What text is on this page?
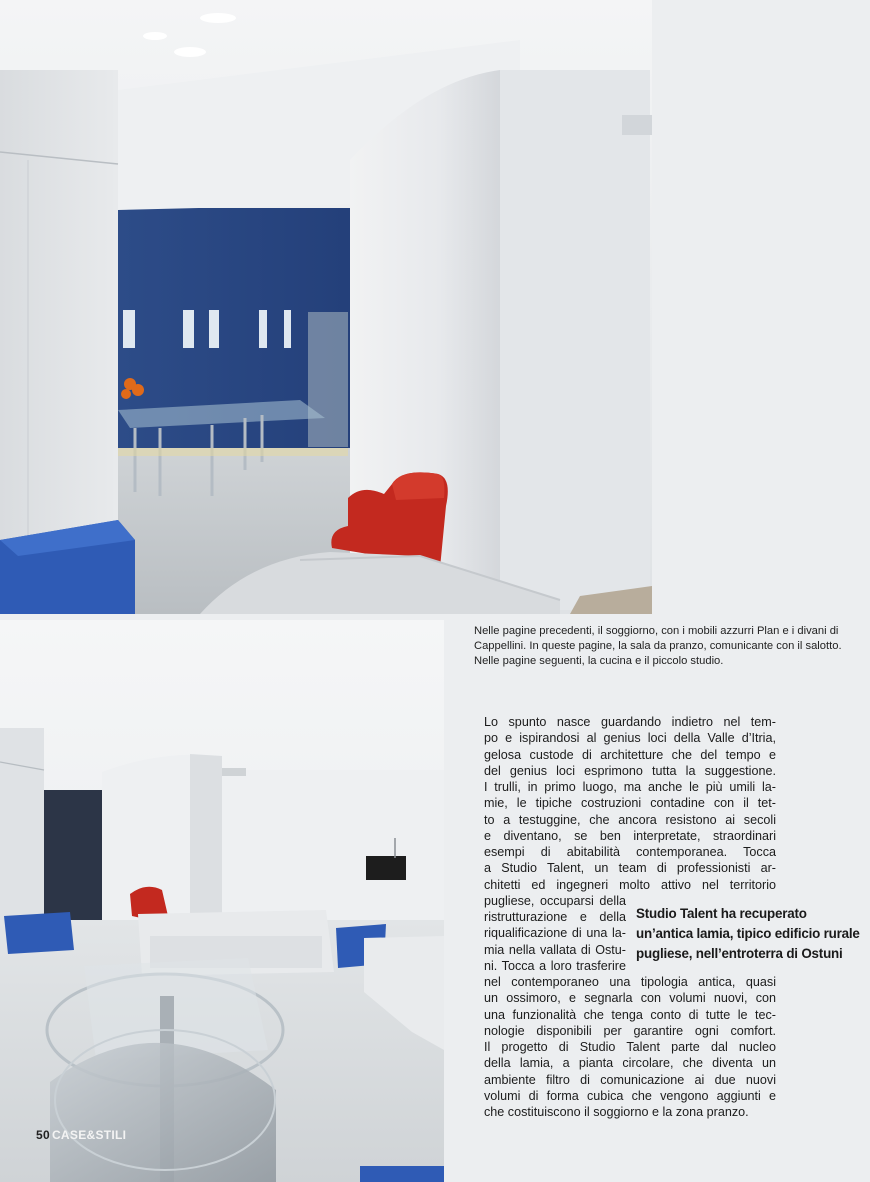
Nelle pagine precedenti, il soggiorno, con i mobili azzurri Plan e i divani di
Cappellini. In queste pagine, la sala da pranzo, comunicante con il salotto.
Nelle pagine seguenti, la cucina e il piccolo studio.
Lo spunto nasce guardando indietro nel tem-
po e ispirandosi al genius loci della Valle d’Itria,
gelosa custode di architetture che del tempo e
del genius loci esprimono tutta la suggestione.
I trulli, in primo luogo, ma anche le più umili la-
mie, le tipiche costruzioni contadine con il tet-
to a testuggine, che ancora resistono ai secoli
e diventano, se ben interpretate, straordinari
esempi di abitabilità contemporanea. Tocca
a Studio Talent, un team di professionisti ar-
chitetti ed ingegneri molto attivo nel territorio
pugliese, occuparsi della
ristrutturazione e della
riqualificazione di una la-
mia nella vallata di Ostu-
ni. Tocca a loro trasferire
nel contemporaneo una tipologia antica, quasi
un ossimoro, e segnarla con volumi nuovi, con
una funzionalità che tenga conto di tutte le tec-
nologie disponibili per garantire ogni comfort.
Il progetto di Studio Talent parte dal nucleo
della lamia, a pianta circolare, che diventa un
ambiente filtro di comunicazione ai due nuovi
volumi di forma cubica che vengono aggiunti e
che costituiscono il soggiorno e la zona pranzo.
Studio Talent ha recuperato
un’antica lamia, tipico edificio rurale
pugliese, nell’entroterra di Ostuni
50 CASE&STILI
